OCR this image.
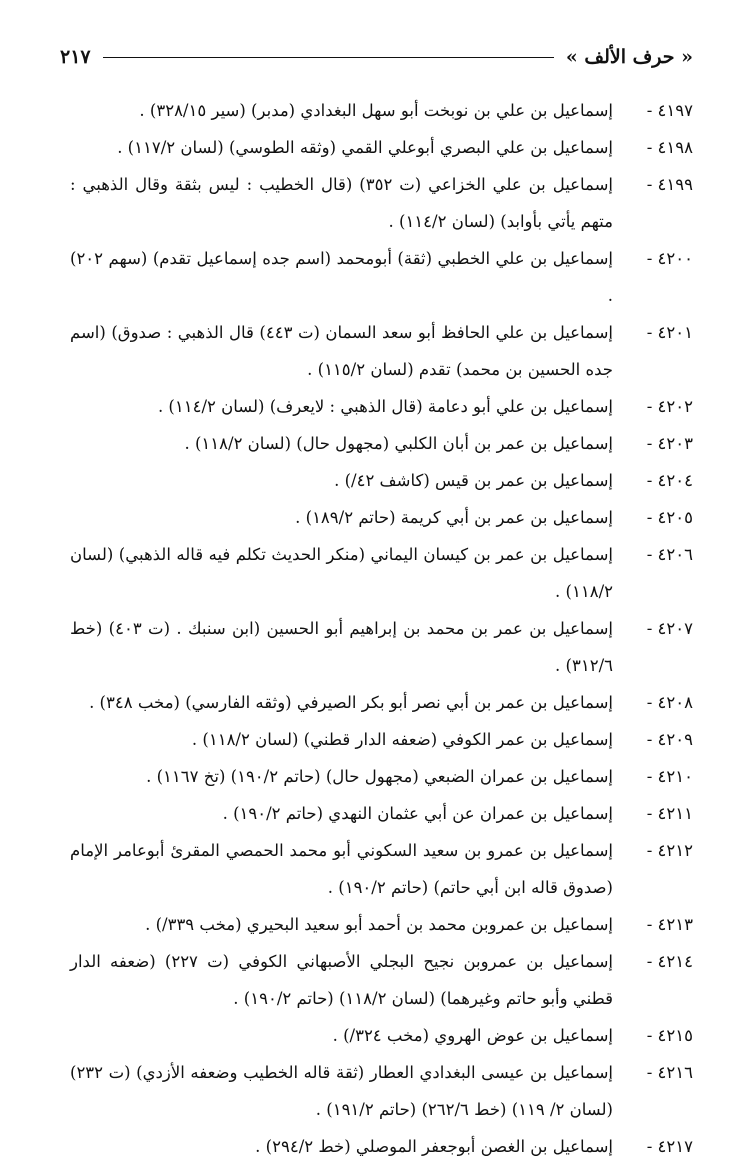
« حرف الألف »
٢١٧
٤١٩٧ -
إسماعيل بن علي بن نوبخت أبو سهل البغدادي (مدبر) (سير ٣٢٨/١٥) .
٤١٩٨ -
إسماعيل بن علي البصري أبوعلي القمي (وثقه الطوسي) (لسان ١١٧/٢) .
٤١٩٩ -
إسماعيل بن علي الخزاعي (ت ٣٥٢) (قال الخطيب : ليس بثقة وقال الذهبي : متهم يأتي بأوابد) (لسان ١١٤/٢) .
٤٢٠٠ -
إسماعيل بن علي الخطبي (ثقة) أبومحمد (اسم جده إسماعيل تقدم) (سهم ٢٠٢) .
٤٢٠١ -
إسماعيل بن علي الحافظ أبو سعد السمان (ت ٤٤٣) قال الذهبي : صدوق) (اسم جده الحسين بن محمد) تقدم (لسان ١١٥/٢) .
٤٢٠٢ -
إسماعيل بن علي أبو دعامة (قال الذهبي : لايعرف) (لسان ١١٤/٢) .
٤٢٠٣ -
إسماعيل بن عمر بن أبان الكلبي (مجهول حال) (لسان ١١٨/٢) .
٤٢٠٤ -
إسماعيل بن عمر بن قيس (كاشف ٤٢/) .
٤٢٠٥ -
إسماعيل بن عمر بن أبي كريمة (حاتم ١٨٩/٢) .
٤٢٠٦ -
إسماعيل بن عمر بن كيسان اليماني (منكر الحديث تكلم فيه قاله الذهبي) (لسان ١١٨/٢) .
٤٢٠٧ -
إسماعيل بن عمر بن محمد بن إبراهيم أبو الحسين (ابن سنبك . (ت ٤٠٣) (خط ٣١٢/٦) .
٤٢٠٨ -
إسماعيل بن عمر بن أبي نصر أبو بكر الصيرفي (وثقه الفارسي) (مخب ٣٤٨) .
٤٢٠٩ -
إسماعيل بن عمر الكوفي (ضعفه الدار قطني) (لسان ١١٨/٢) .
٤٢١٠ -
إسماعيل بن عمران الضبعي (مجهول حال) (حاتم ١٩٠/٢) (تخ ١١٦٧) .
٤٢١١ -
إسماعيل بن عمران عن أبي عثمان النهدي (حاتم ١٩٠/٢) .
٤٢١٢ -
إسماعيل بن عمرو بن سعيد السكوني أبو محمد الحمصي المقرئ أبوعامر الإمام (صدوق قاله ابن أبي حاتم) (حاتم ١٩٠/٢) .
٤٢١٣ -
إسماعيل بن عمروبن محمد بن أحمد أبو سعيد البحيري (مخب ٣٣٩/) .
٤٢١٤ -
إسماعيل بن عمروبن نجيح البجلي الأصبهاني الكوفي (ت ٢٢٧) (ضعفه الدار قطني وأبو حاتم وغيرهما) (لسان ١١٨/٢) (حاتم ١٩٠/٢) .
٤٢١٥ -
إسماعيل بن عوض الهروي (مخب ٣٢٤/) .
٤٢١٦ -
إسماعيل بن عيسى البغدادي العطار (ثقة قاله الخطيب وضعفه الأزدي) (ت ٢٣٢) (لسان ٢/ ١١٩) (خط ٢٦٢/٦) (حاتم ١٩١/٢) .
٤٢١٧ -
إسماعيل بن الغصن أبوجعفر الموصلي (خط ٢٩٤/٢) .
